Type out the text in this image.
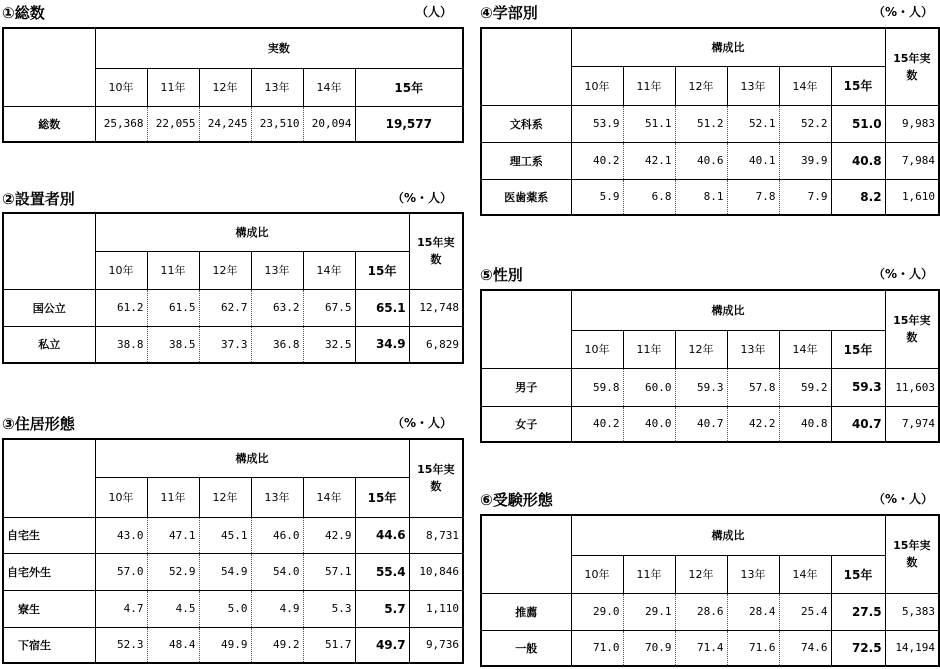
①総数	（人）
	実数					
	10年	11年	12年	13年	14年	15年
総数	25,368	22,055	24,245	23,510	20,094	19,577
②設置者別	（%・人）
	構成比						15年実数
	10年	11年	12年	13年	14年	15年	
国公立	61.2	61.5	62.7	63.2	67.5	65.1	12,748
私立	38.8	38.5	37.3	36.8	32.5	34.9	6,829
③住居形態	（%・人）
	構成比						15年実数
	10年	11年	12年	13年	14年	15年	
自宅生	43.0	47.1	45.1	46.0	42.9	44.6	8,731
自宅外生	57.0	52.9	54.9	54.0	57.1	55.4	10,846
寮生	4.7	4.5	5.0	4.9	5.3	5.7	1,110
下宿生	52.3	48.4	49.9	49.2	51.7	49.7	9,736
④学部別	（%・人）
	構成比						15年実数
	10年	11年	12年	13年	14年	15年	
文科系	53.9	51.1	51.2	52.1	52.2	51.0	9,983
理工系	40.2	42.1	40.6	40.1	39.9	40.8	7,984
医歯薬系	5.9	6.8	8.1	7.8	7.9	8.2	1,610
⑤性別	（%・人）
	構成比						15年実数
	10年	11年	12年	13年	14年	15年	
男子	59.8	60.0	59.3	57.8	59.2	59.3	11,603
女子	40.2	40.0	40.7	42.2	40.8	40.7	7,974
⑥受験形態	（%・人）
	構成比						15年実数
	10年	11年	12年	13年	14年	15年	
推薦	29.0	29.1	28.6	28.4	25.4	27.5	5,383
一般	71.0	70.9	71.4	71.6	74.6	72.5	14,194
